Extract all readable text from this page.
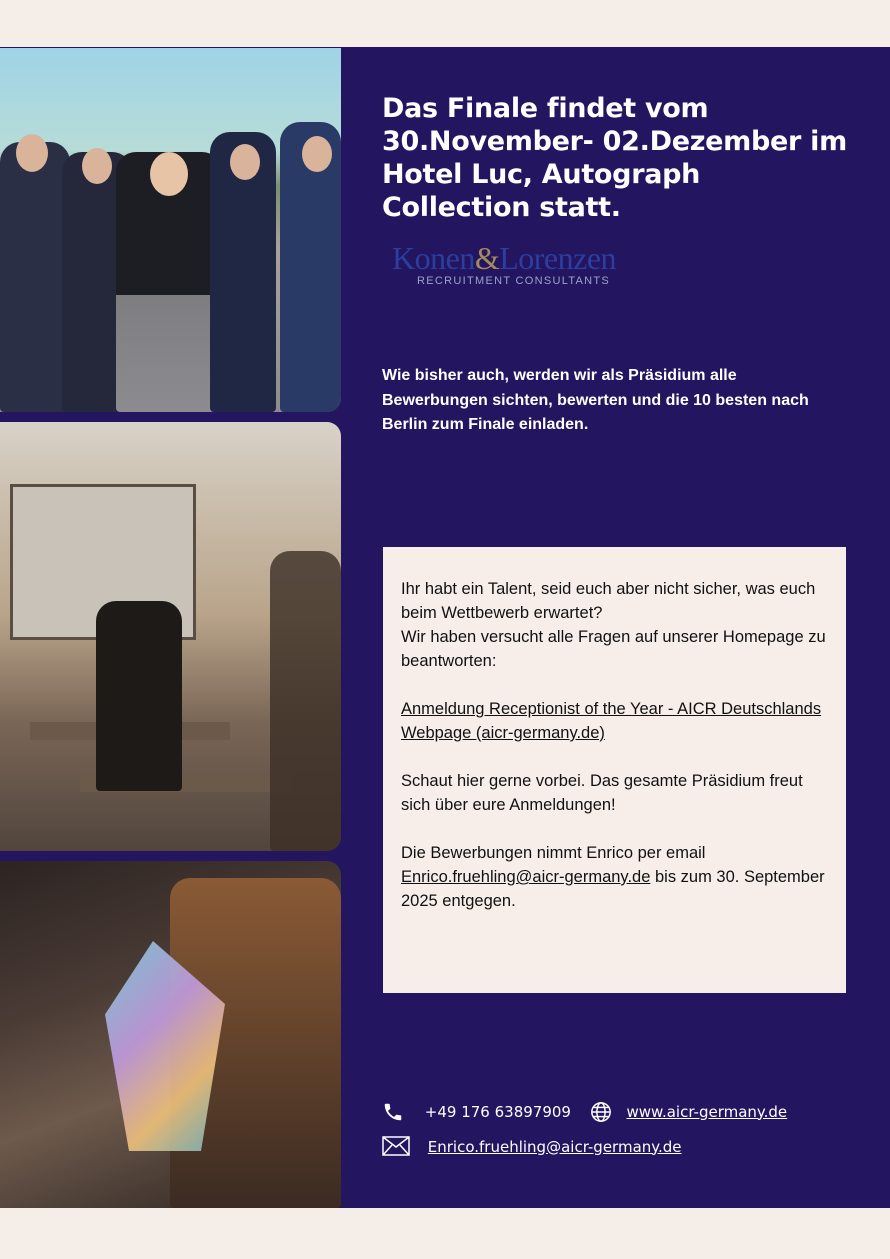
Das Finale findet vom 30.November- 02.Dezember im Hotel Luc, Autograph Collection statt.
Konen&Lorenzen
RECRUITMENT CONSULTANTS

Wie bisher auch, werden wir als Präsidium alle Bewerbungen sichten, bewerten und die 10 besten nach Berlin zum Finale einladen.

Ihr habt ein Talent, seid euch aber nicht sicher, was euch beim Wettbewerb erwartet?
Wir haben versucht alle Fragen auf unserer Homepage zu beantworten:

Anmeldung Receptionist of the Year - AICR Deutschlands Webpage (aicr-germany.de)

Schaut hier gerne vorbei. Das gesamte Präsidium freut sich über eure Anmeldungen!

Die Bewerbungen nimmt Enrico per email Enrico.fruehling@aicr-germany.de bis zum 30. September 2025 entgegen.

+49 176 63897909	www.aicr-germany.de
Enrico.fruehling@aicr-germany.de
